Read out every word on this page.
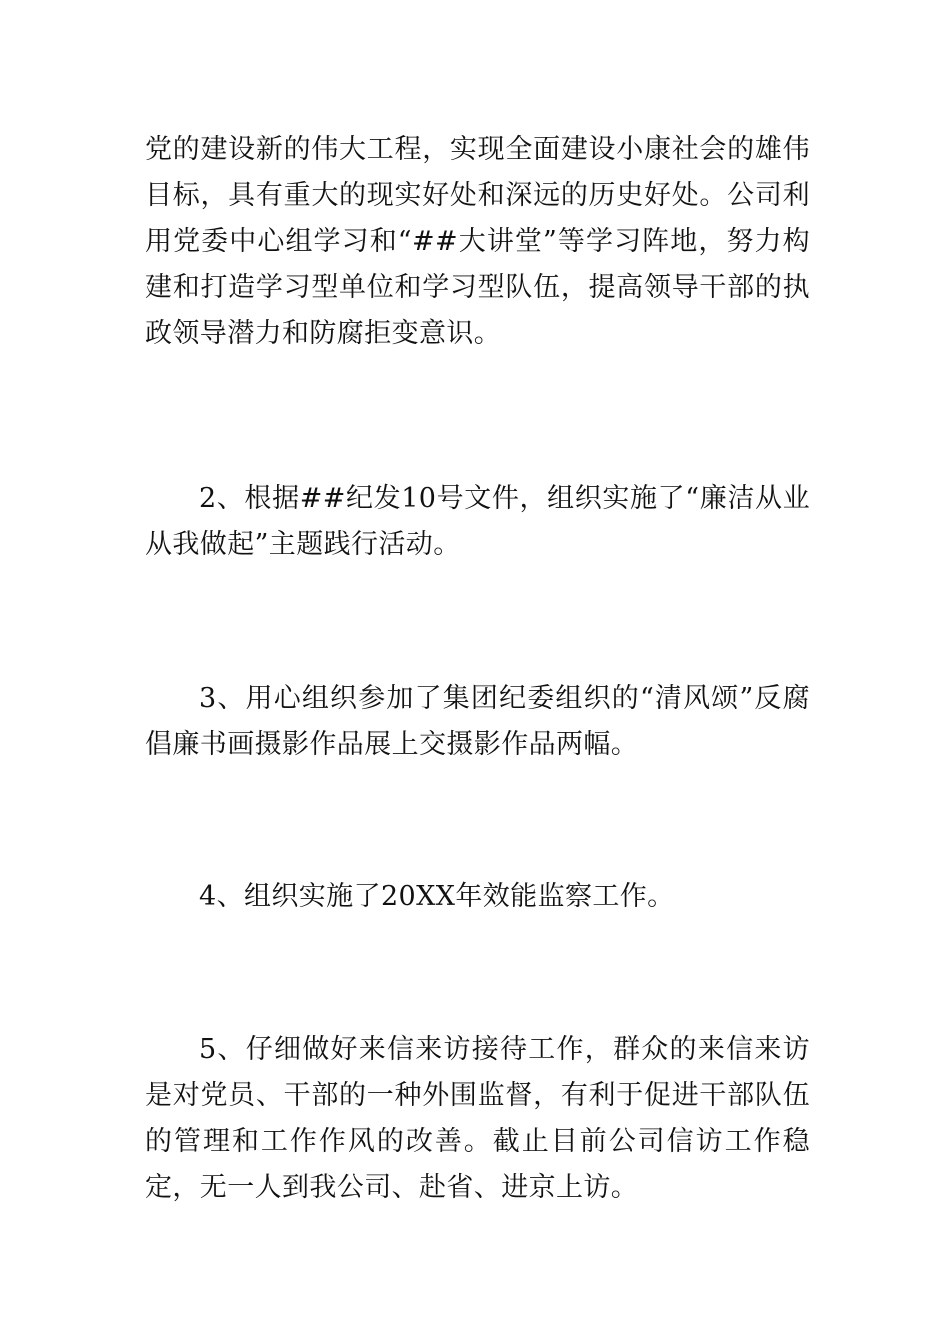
党的建设新的伟大工程，实现全面建设小康社会的雄伟目标，具有重大的现实好处和深远的历史好处。公司利用党委中心组学习和“##大讲堂”等学习阵地，努力构建和打造学习型单位和学习型队伍，提高领导干部的执政领导潜力和防腐拒变意识。

2、根据##纪发10号文件，组织实施了“廉洁从业从我做起”主题践行活动。

3、用心组织参加了集团纪委组织的“清风颂”反腐倡廉书画摄影作品展上交摄影作品两幅。

4、组织实施了20XX年效能监察工作。

5、仔细做好来信来访接待工作，群众的来信来访是对党员、干部的一种外围监督，有利于促进干部队伍的管理和工作作风的改善。截止目前公司信访工作稳定，无一人到我公司、赴省、进京上访。
